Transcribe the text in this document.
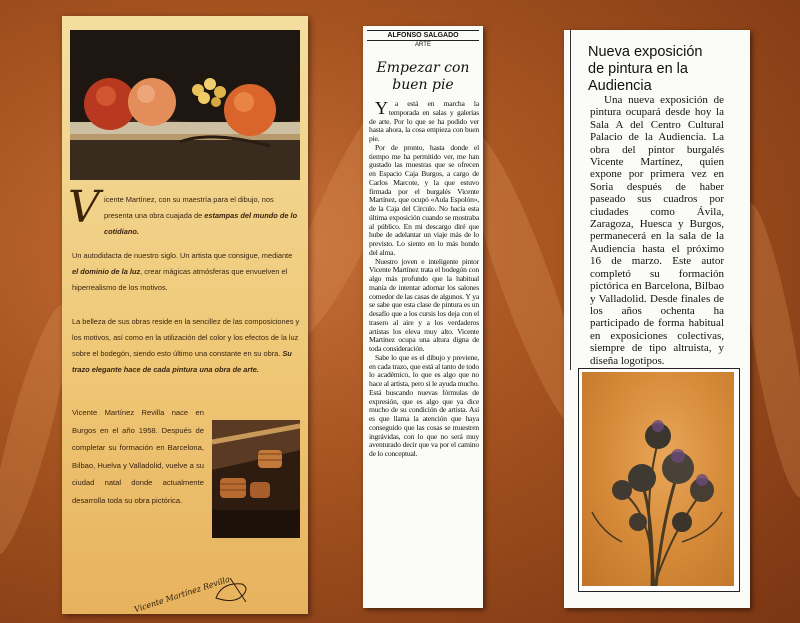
V icente Martínez, con su maestría para el dibujo, nos presenta una obra cuajada de estampas del mundo de lo cotidiano.
Un autodidacta de nuestro siglo. Un artista que consigue, mediante el dominio de la luz, crear mágicas atmósferas que envuelven el hiperrealismo de los motivos.
La belleza de sus obras reside en la sencillez de las composiciones y los motivos, así como en la utilización del color y los efectos de la luz sobre el bodegón, siendo esto último una constante en su obra. Su trazo elegante hace de cada pintura una obra de arte.
Vicente Martínez Revilla nace en Burgos en el año 1958. Después de completar su formación en Barcelona, Bilbao, Huelva y Valladolid, vuelve a su ciudad natal donde actualmente desarrolla toda su obra pictórica.
Vicente Martínez Revilla
ALFONSO SALGADO
ARTE
Empezar con buen pie

Ya está en marcha la temporada en salas y galerías de arte. Por lo que se ha podido ver hasta ahora, la cosa empieza con buen pie.

Por de pronto, hasta donde el tiempo me ha permitido ver, me han gustado las muestras que se ofrecen en Espacio Caja Burgos, a cargo de Carlos Marcote, y la que estuvo firmada por el burgalés Vicente Martínez, que ocupó «Aula Espolón», de la Caja del Círculo. No hacía esta última exposición cuando se mostraba al público. En mi descargo diré que hube de adelantar un viaje más de lo previsto. Lo siento en lo más hondo del alma.

Nuestro joven e inteligente pintor Vicente Martínez trata el bodegón con algo más profundo que la habitual manía de intentar adornar los salones comedor de las casas de algunos. Y ya se sabe que esta clase de pintura es un desafío que a los cursis los deja con el trasero al aire y a los verdaderos artistas los eleva muy alto. Vicente Martínez ocupa una altura digna de toda consideración.

Sabe lo que es el dibujo y previene, en cada trazo, que está al tanto de todo lo académico, lo que es algo que no hace al artista, pero sí le ayuda mucho. Está buscando nuevas fórmulas de expresión, que es algo que ya dice mucho de su condición de artista. Así es que llama la atención que haya conseguido que las cosas se muestren ingrávidas, con lo que no será muy aventurado decir que va por el camino de lo conceptual.

Nueva exposición de pintura en la Audiencia

Una nueva exposición de pintura ocupará desde hoy la Sala A del Centro Cultural Palacio de la Audiencia. La obra del pintor burgalés Vicente Martínez, quien expone por primera vez en Soria después de haber paseado sus cuadros por ciudades como Ávila, Zaragoza, Huesca y Burgos, permanecerá en la sala de la Audiencia hasta el próximo 16 de marzo. Este autor completó su formación pictórica en Barcelona, Bilbao y Valladolid. Desde finales de los años ochenta ha participado de forma habitual en exposiciones colectivas, siempre de tipo altruista, y diseña logotipos.
